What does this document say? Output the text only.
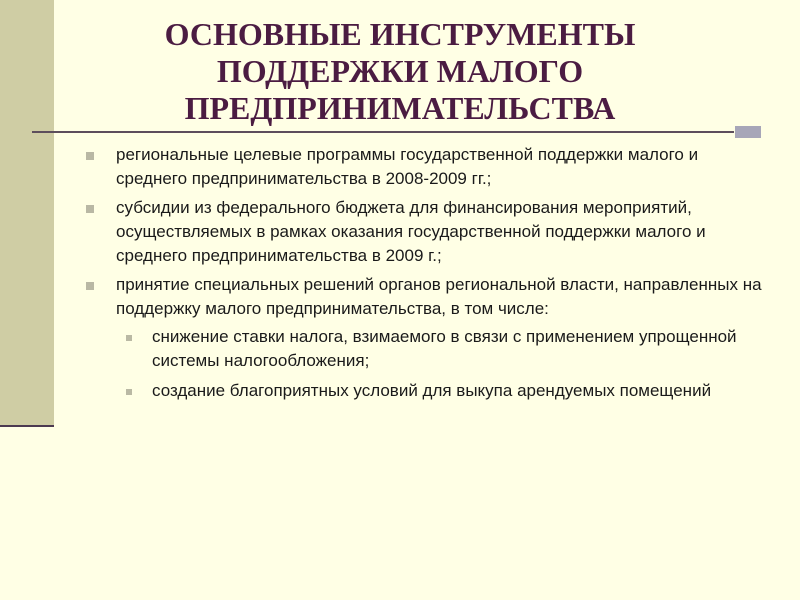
ОСНОВНЫЕ ИНСТРУМЕНТЫ
ПОДДЕРЖКИ МАЛОГО
ПРЕДПРИНИМАТЕЛЬСТВА
региональные целевые программы государственной поддержки малого и среднего предпринимательства в 2008-2009 гг.;
субсидии из федерального бюджета для финансирования мероприятий, осуществляемых в рамках оказания государственной поддержки малого и среднего предпринимательства в 2009 г.;
принятие специальных решений органов региональной власти, направленных на поддержку малого предпринимательства, в том числе:
снижение ставки налога, взимаемого в связи с применением упрощенной системы налогообложения;
создание благоприятных условий для выкупа арендуемых помещений
